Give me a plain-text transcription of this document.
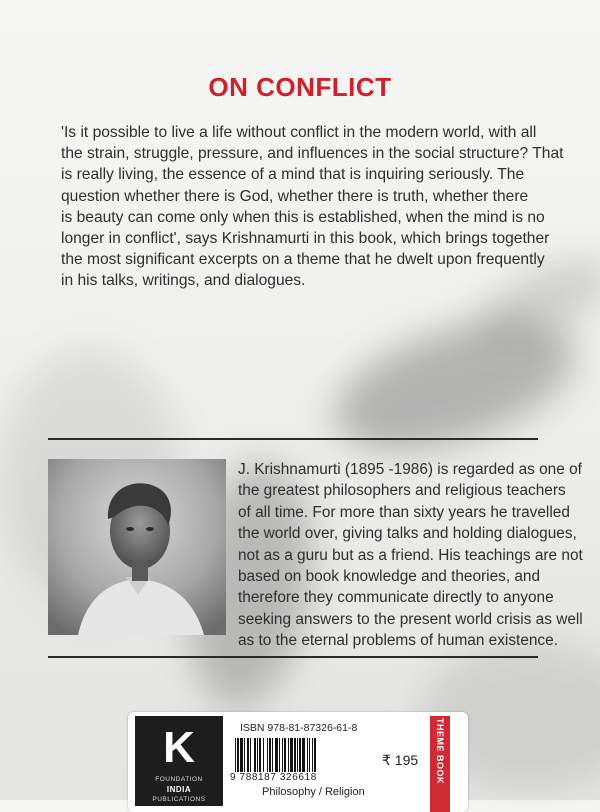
ON CONFLICT
'Is it possible to live a life without conflict in the modern world, with all
the strain, struggle, pressure, and influences in the social structure? That
is really living, the essence of a mind that is inquiring seriously. The
question whether there is God, whether there is truth, whether there
is beauty can come only when this is established, when the mind is no
longer in conflict', says Krishnamurti in this book, which brings together
the most significant excerpts on a theme that he dwelt upon frequently
in his talks, writings, and dialogues.
J. Krishnamurti (1895 -1986) is regarded as one of
the greatest philosophers and religious teachers
of all time. For more than sixty years he travelled
the world over, giving talks and holding dialogues,
not as a guru but as a friend. His teachings are not
based on book knowledge and theories, and
therefore they communicate directly to anyone
seeking answers to the present world crisis as well
as to the eternal problems of human existence.
K
FOUNDATION
INDIA
PUBLICATIONS
ISBN 978-81-87326-61-8
9 788187 326618
₹ 195
Philosophy / Religion
THEME BOOK
